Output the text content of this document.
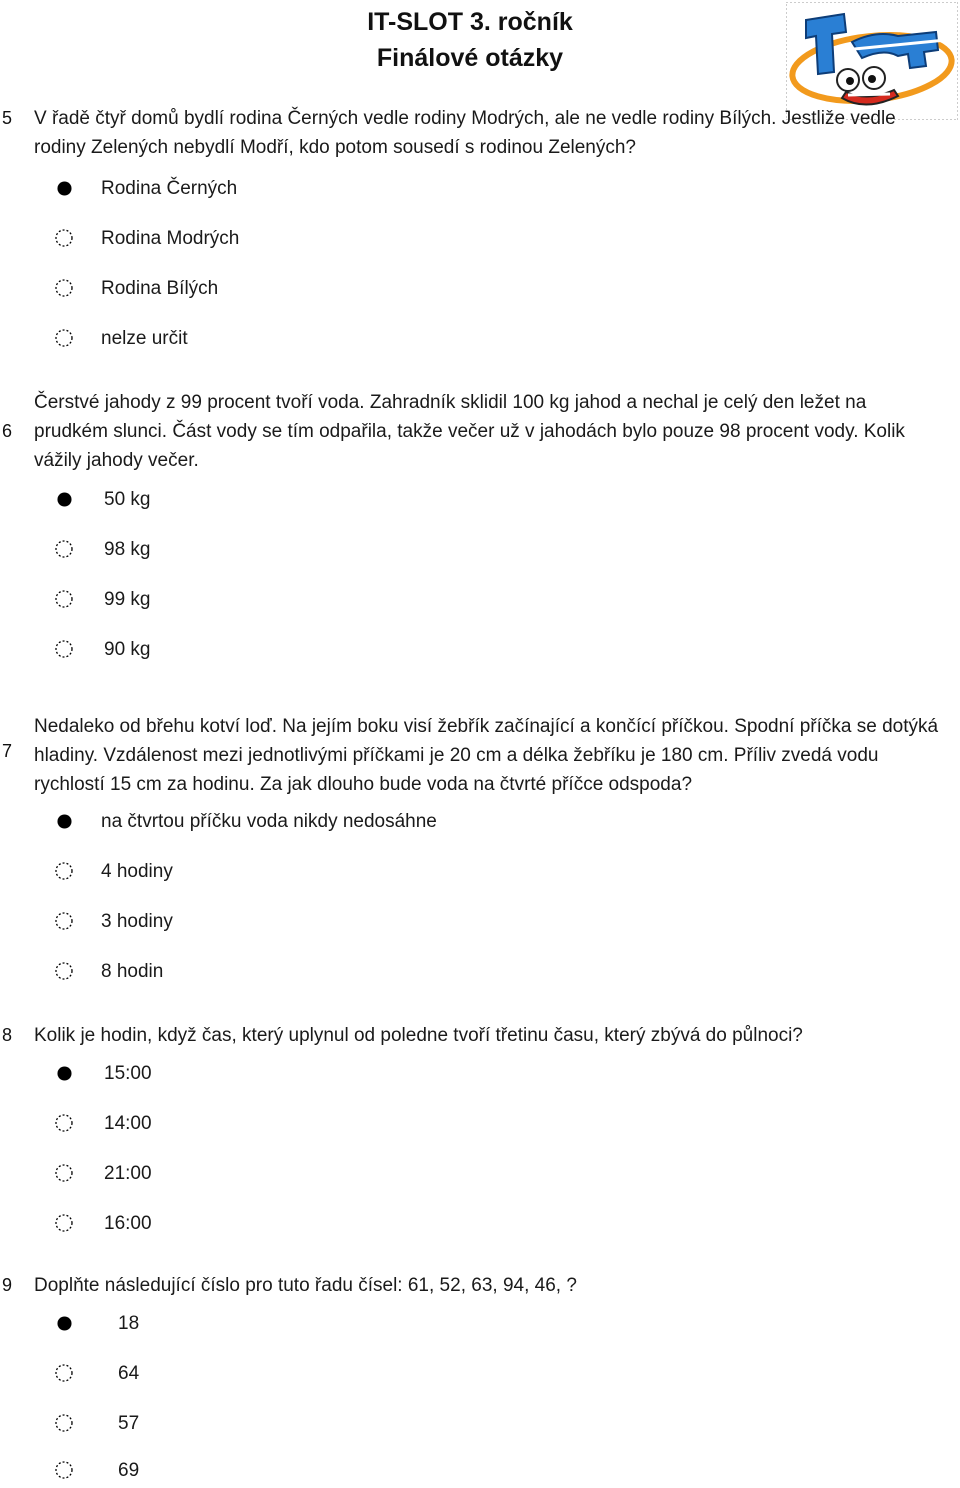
IT-SLOT 3. ročník
Finálové otázky
5 V řadě čtyř domů bydlí rodina Černých vedle rodiny Modrých, ale ne vedle rodiny Bílých. Jestliže vedle rodiny Zelených nebydlí Modří, kdo potom sousedí s rodinou Zelených?
Rodina Černých
Rodina Modrých
Rodina Bílých
nelze určit
6
Čerstvé jahody z 99 procent tvoří voda. Zahradník sklidil 100 kg jahod a nechal je celý den ležet na prudkém slunci. Část vody se tím odpařila, takže večer už v jahodách bylo pouze 98 procent vody. Kolik vážily jahody večer.
50 kg
98 kg
99 kg
90 kg
7
Nedaleko od břehu kotví loď. Na jejím boku visí žebřík začínající a končící příčkou. Spodní příčka se dotýká hladiny. Vzdálenost mezi jednotlivými příčkami je 20 cm a délka žebříku je 180 cm. Příliv zvedá vodu rychlostí 15 cm za hodinu. Za jak dlouho bude voda na čtvrté příčce odspoda?
na čtvrtou příčku voda nikdy nedosáhne
4 hodiny
3 hodiny
8 hodin
8 Kolik je hodin, když čas, který uplynul od poledne tvoří třetinu času, který zbývá do půlnoci?
15:00
14:00
21:00
16:00
9 Doplňte následující číslo pro tuto řadu čísel: 61, 52, 63, 94, 46, ?
18
64
57
69
